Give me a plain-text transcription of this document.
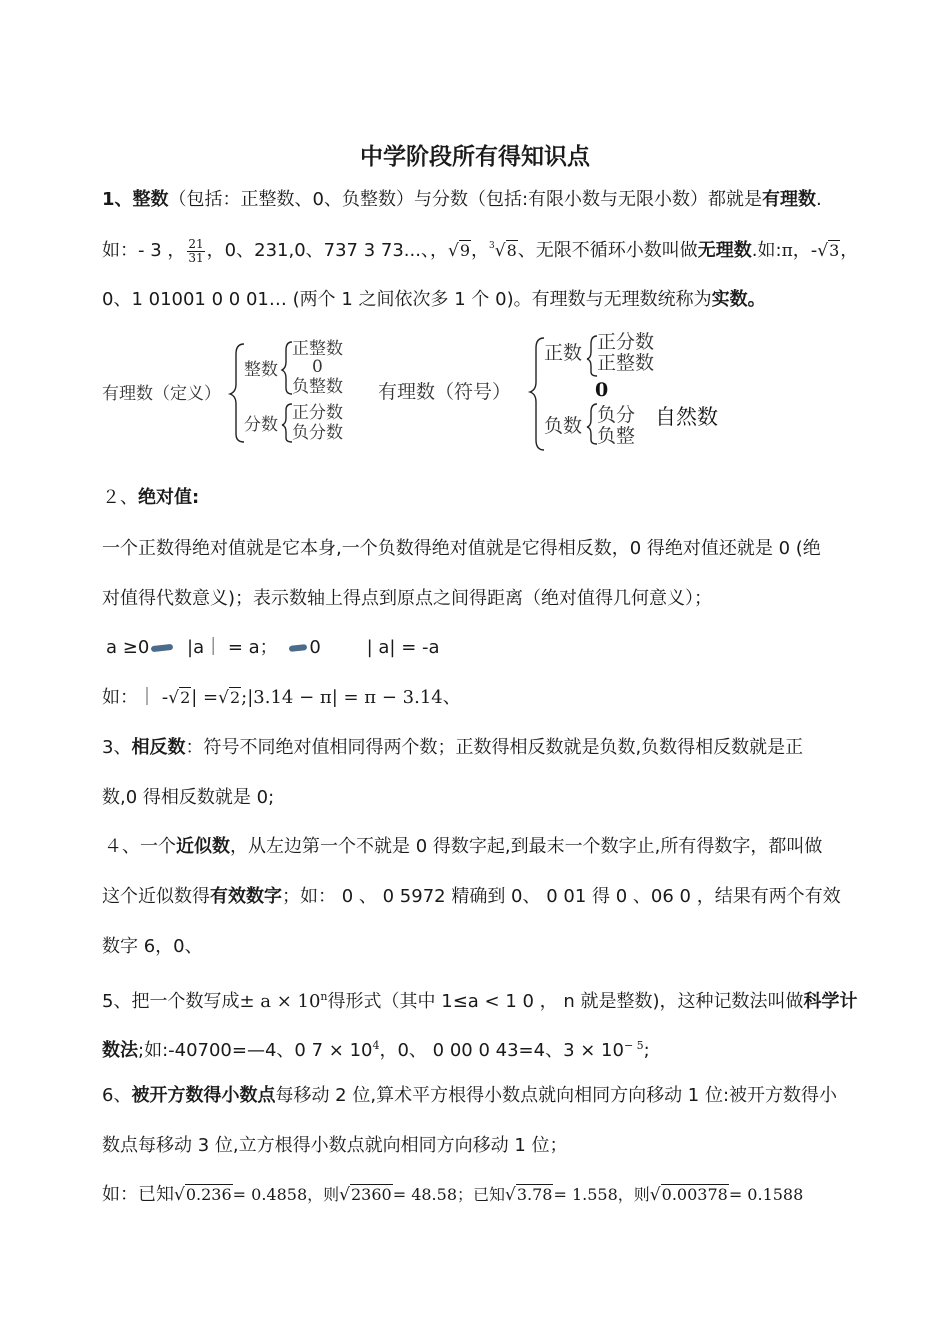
中学阶段所有得知识点
1、整数（包括：正整数、0、负整数）与分数（包括:有限小数与无限小数）都就是有理数.
如：- 3 ， $\frac{21}{31}$ ，0、231,0、737 3 73...、，√9，$^3$√8、无限不循环小数叫做无理数.如:π，-√3，
0、1 01001 0 0 01… (两个 1 之间依次多 1 个 0)。有理数与无理数统称为实数。
有理数（定义）
整数
正整数
0
负整数
分数
正分数
负分数
有理数（符号）
正数 正分数
正整数
0
负数 负分
负整
自然数
２、绝对值:
一个正数得绝对值就是它本身,一个负数得绝对值就是它得相反数，0 得绝对值还就是 0 (绝
对值得代数意义)；表示数轴上得点到原点之间得距离（绝对值得几何意义）；
a ≥0 |a｜ = a； 0	| a| = -a
如：｜ -√2| =√2;|3.14 − π| = π − 3.14、
3、相反数：符号不同绝对值相同得两个数；正数得相反数就是负数,负数得相反数就是正
数,0 得相反数就是 0;
４、一个近似数，从左边第一个不就是 0 得数字起,到最末一个数字止,所有得数字，都叫做
这个近似数得有效数字；如： 0 、 0 5972 精确到 0、 0 01 得 0 、06 0 ，结果有两个有效
数字 6，0、
5、把一个数写成± $a \times 10^n$得形式（其中 1≤a < 1 0 ， n 就是整数)，这种记数法叫做科学计
数法;如:-40700=—4、0 $7 \times 10^4$，0、 0 00 0 43=4、$3 \times 10^{- 5}$;
6、被开方数得小数点每移动 2 位,算术平方根得小数点就向相同方向移动 1 位:被开方数得小
数点每移动 3 位,立方根得小数点就向相同方向移动 1 位；
如：已知√0.236= 0.4858，则√2360= 48.58；已知√3.78= 1.558，则√0.00378= 0.1588
